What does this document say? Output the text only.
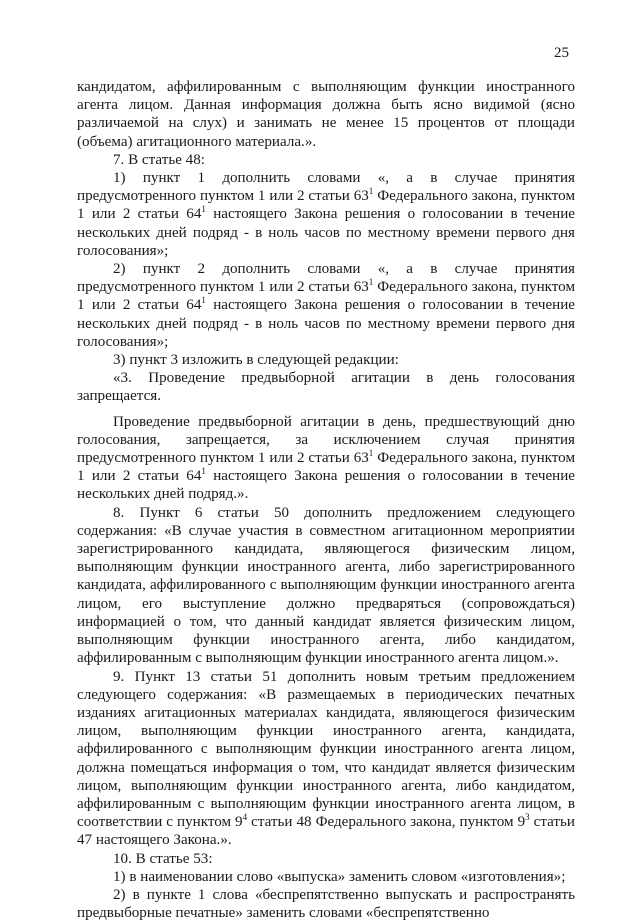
25

кандидатом, аффилированным с выполняющим функции иностранного агента лицом. Данная информация должна быть ясно видимой (ясно различаемой на слух) и занимать не менее 15 процентов от площади (объема) агитационного материала.».

7. В статье 48:

1) пункт 1 дополнить словами «, а в случае принятия предусмотренного пунктом 1 или 2 статьи $63^1$ Федерального закона, пунктом 1 или 2 статьи $64^1$ настоящего Закона решения о голосовании в течение нескольких дней подряд - в ноль часов по местному времени первого дня голосования»;

2) пункт 2 дополнить словами «, а в случае принятия предусмотренного пунктом 1 или 2 статьи $63^1$ Федерального закона, пунктом 1 или 2 статьи $64^1$ настоящего Закона решения о голосовании в течение нескольких дней подряд - в ноль часов по местному времени первого дня голосования»;

3) пункт 3 изложить в следующей редакции:

«3. Проведение предвыборной агитации в день голосования запрещается.

Проведение предвыборной агитации в день, предшествующий дню голосования, запрещается, за исключением случая принятия предусмотренного пунктом 1 или 2 статьи $63^1$ Федерального закона, пунктом 1 или 2 статьи $64^1$ настоящего Закона решения о голосовании в течение нескольких дней подряд.».

8. Пункт 6 статьи 50 дополнить предложением следующего содержания: «В случае участия в совместном агитационном мероприятии зарегистрированного кандидата, являющегося физическим лицом, выполняющим функции иностранного агента, либо зарегистрированного кандидата, аффилированного с выполняющим функции иностранного агента лицом, его выступление должно предваряться (сопровождаться) информацией о том, что данный кандидат является физическим лицом, выполняющим функции иностранного агента, либо кандидатом, аффилированным с выполняющим функции иностранного агента лицом.».

9. Пункт 13 статьи 51 дополнить новым третьим предложением следующего содержания: «В размещаемых в периодических печатных изданиях агитационных материалах кандидата, являющегося физическим лицом, выполняющим функции иностранного агента, кандидата, аффилированного с выполняющим функции иностранного агента лицом, должна помещаться информация о том, что кандидат является физическим лицом, выполняющим функции иностранного агента, либо кандидатом, аффилированным с выполняющим функции иностранного агента лицом, в соответствии с пунктом $9^4$ статьи 48 Федерального закона, пунктом $9^3$ статьи 47 настоящего Закона.».

10. В статье 53:

1) в наименовании слово «выпуска» заменить словом «изготовления»;

2) в пункте 1 слова «беспрепятственно выпускать и распространять предвыборные печатные» заменить словами «беспрепятственно
